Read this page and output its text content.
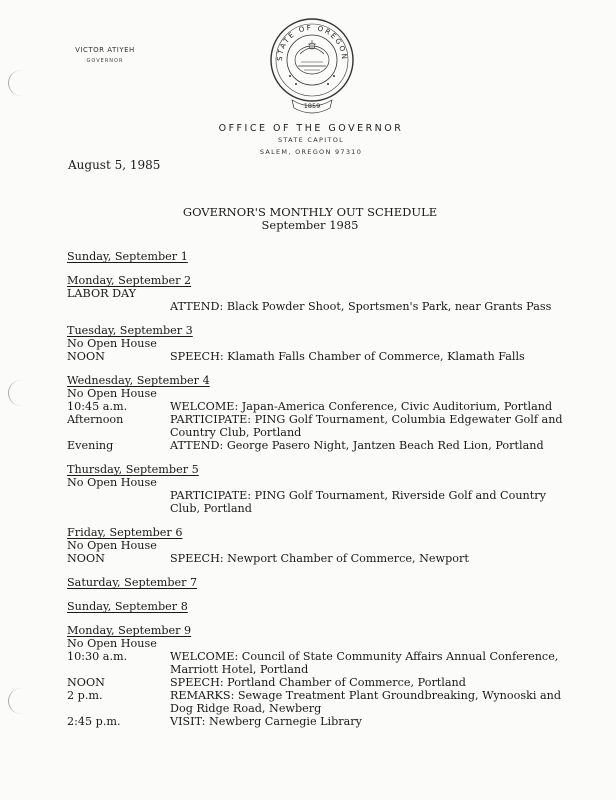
VICTOR ATIYEH
GOVERNOR	STATE OF OREGON
1859
OFFICE OF THE GOVERNOR
STATE CAPITOL
SALEM, OREGON 97310
August 5, 1985
GOVERNOR'S MONTHLY OUT SCHEDULE
September 1985
Sunday, September 1
Monday, September 2
LABOR DAY
ATTEND: Black Powder Shoot, Sportsmen's Park, near Grants Pass
Tuesday, September 3
No Open House
NOON	SPEECH: Klamath Falls Chamber of Commerce, Klamath Falls
Wednesday, September 4
No Open House
10:45 a.m.	WELCOME: Japan-America Conference, Civic Auditorium, Portland
Afternoon	PARTICIPATE: PING Golf Tournament, Columbia Edgewater Golf and Country Club, Portland
Evening	ATTEND: George Pasero Night, Jantzen Beach Red Lion, Portland
Thursday, September 5
No Open House
PARTICIPATE: PING Golf Tournament, Riverside Golf and Country Club, Portland
Friday, September 6
No Open House
NOON	SPEECH: Newport Chamber of Commerce, Newport
Saturday, September 7
Sunday, September 8
Monday, September 9
No Open House
10:30 a.m.	WELCOME: Council of State Community Affairs Annual Conference, Marriott Hotel, Portland
NOON	SPEECH: Portland Chamber of Commerce, Portland
2 p.m.	REMARKS: Sewage Treatment Plant Groundbreaking, Wynooski and Dog Ridge Road, Newberg
2:45 p.m.	VISIT: Newberg Carnegie Library
